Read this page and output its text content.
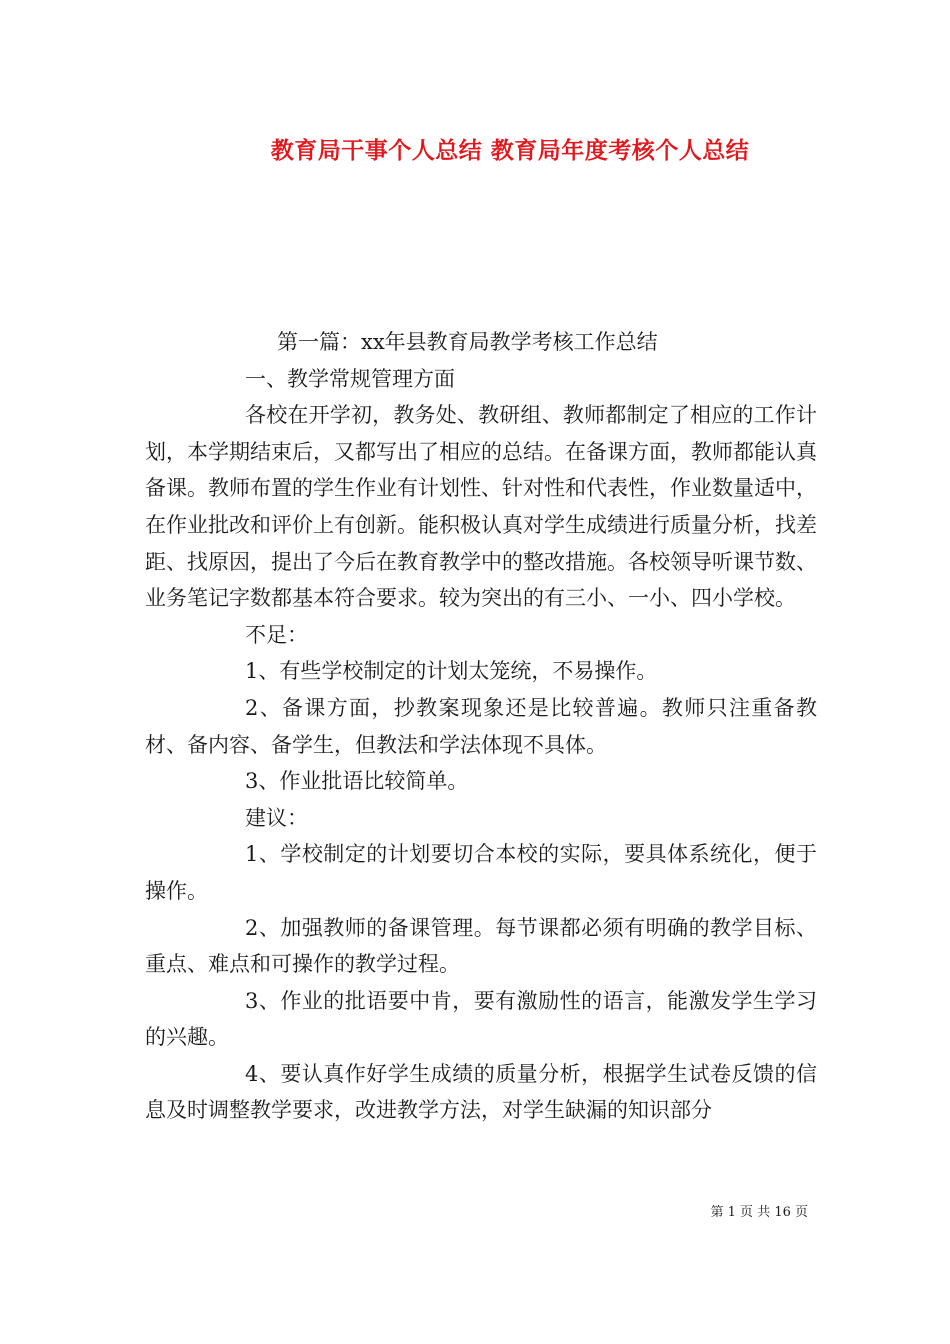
教育局干事个人总结 教育局年度考核个人总结

第一篇：xx年县教育局教学考核工作总结

一、教学常规管理方面

各校在开学初，教务处、教研组、教师都制定了相应的工作计划，本学期结束后，又都写出了相应的总结。在备课方面，教师都能认真备课。教师布置的学生作业有计划性、针对性和代表性，作业数量适中，在作业批改和评价上有创新。能积极认真对学生成绩进行质量分析，找差距、找原因，提出了今后在教育教学中的整改措施。各校领导听课节数、业务笔记字数都基本符合要求。较为突出的有三小、一小、四小学校。

不足：

1、有些学校制定的计划太笼统，不易操作。

2、备课方面，抄教案现象还是比较普遍。教师只注重备教材、备内容、备学生，但教法和学法体现不具体。

3、作业批语比较简单。

建议：

1、学校制定的计划要切合本校的实际，要具体系统化，便于操作。

2、加强教师的备课管理。每节课都必须有明确的教学目标、重点、难点和可操作的教学过程。

3、作业的批语要中肯，要有激励性的语言，能激发学生学习的兴趣。

4、要认真作好学生成绩的质量分析，根据学生试卷反馈的信息及时调整教学要求，改进教学方法，对学生缺漏的知识部分

第 1 页 共 16 页
